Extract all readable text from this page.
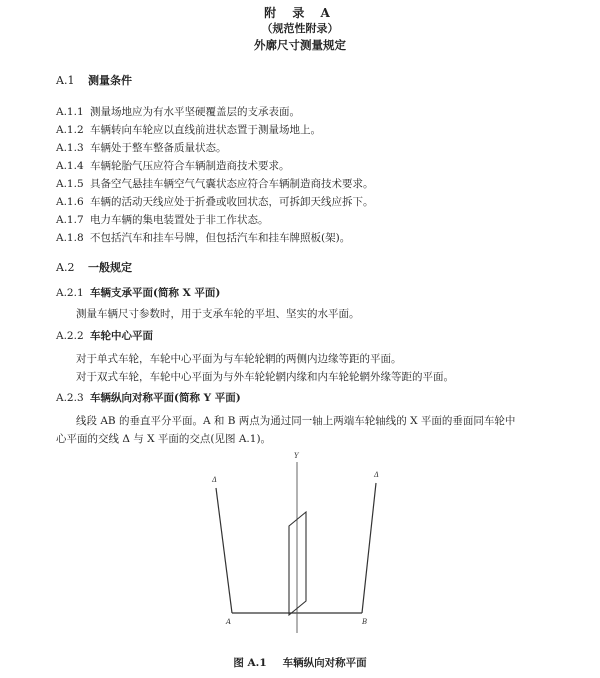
附 录 A
（规范性附录）
外廓尺寸测量规定
A.1 测量条件
A.1.1 测量场地应为有水平坚硬覆盖层的支承表面。
A.1.2 车辆转向车轮应以直线前进状态置于测量场地上。
A.1.3 车辆处于整车整备质量状态。
A.1.4 车辆轮胎气压应符合车辆制造商技术要求。
A.1.5 具备空气悬挂车辆空气气囊状态应符合车辆制造商技术要求。
A.1.6 车辆的活动天线应处于折叠或收回状态，可拆卸天线应拆下。
A.1.7 电力车辆的集电装置处于非工作状态。
A.1.8 不包括汽车和挂车号牌，但包括汽车和挂车牌照板(架)。
A.2 一般规定
A.2.1 车辆支承平面(简称 X 平面)
测量车辆尺寸参数时，用于支承车轮的平坦、坚实的水平面。
A.2.2 车轮中心平面
对于单式车轮，车轮中心平面为与车轮轮辋的两侧内边缘等距的平面。
对于双式车轮，车轮中心平面为与外车轮轮辋内缘和内车轮轮辋外缘等距的平面。
A.2.3 车辆纵向对称平面(简称 Y 平面)
线段 AB 的垂直平分平面。A 和 B 两点为通过同一轴上两端车轮轴线的 X 平面的垂面同车轮中
心平面的交线 Δ 与 X 平面的交点(见图 A.1)。
Δ
Δ
Y
A	B
图 A.1 车辆纵向对称平面
